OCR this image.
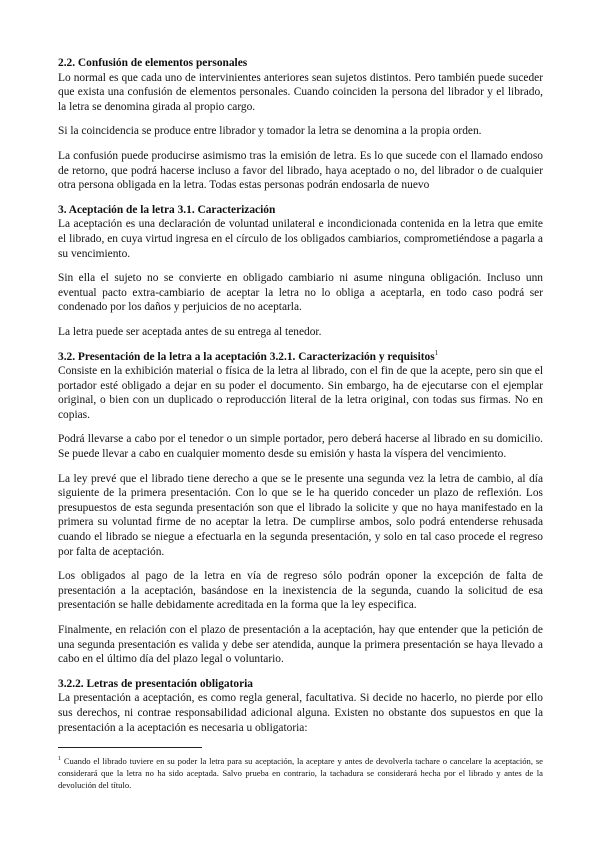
2.2. Confusión de elementos personales

Lo normal es que cada uno de intervinientes anteriores sean sujetos distintos. Pero también puede suceder que exista una confusión de elementos personales. Cuando coinciden la persona del librador y el librado, la letra se denomina girada al propio cargo.

Si la coincidencia se produce entre librador y tomador la letra se denomina a la propia orden.

La confusión puede producirse asimismo tras la emisión de letra. Es lo que sucede con el llamado endoso de retorno, que podrá hacerse incluso a favor del librado, haya aceptado o no, del librador o de cualquier otra persona obligada en la letra. Todas estas personas podrán endosarla de nuevo

3. Aceptación de la letra 3.1. Caracterización

La aceptación es una declaración de voluntad unilateral e incondicionada contenida en la letra que emite el librado, en cuya virtud ingresa en el círculo de los obligados cambiarios, comprometiéndose a pagarla a su vencimiento.

Sin ella el sujeto no se convierte en obligado cambiario ni asume ninguna obligación. Incluso unn eventual pacto extra-cambiario de aceptar la letra no lo obliga a aceptarla, en todo caso podrá ser condenado por los daños y perjuicios de no aceptarla.

La letra puede ser aceptada antes de su entrega al tenedor.

3.2. Presentación de la letra a la aceptación 3.2.1. Caracterización y requisitos$^1$

Consiste en la exhibición material o física de la letra al librado, con el fin de que la acepte, pero sin que el portador esté obligado a dejar en su poder el documento. Sin embargo, ha de ejecutarse con el ejemplar original, o bien con un duplicado o reproducción literal de la letra original, con todas sus firmas. No en copias.

Podrá llevarse a cabo por el tenedor o un simple portador, pero deberá hacerse al librado en su domicilio. Se puede llevar a cabo en cualquier momento desde su emisión y hasta la víspera del vencimiento.

La ley prevé que el librado tiene derecho a que se le presente una segunda vez la letra de cambio, al día siguiente de la primera presentación. Con lo que se le ha querido conceder un plazo de reflexión. Los presupuestos de esta segunda presentación son que el librado la solicite y que no haya manifestado en la primera su voluntad firme de no aceptar la letra. De cumplirse ambos, solo podrá entenderse rehusada cuando el librado se niegue a efectuarla en la segunda presentación, y solo en tal caso procede el regreso por falta de aceptación.

Los obligados al pago de la letra en vía de regreso sólo podrán oponer la excepción de falta de presentación a la aceptación, basándose en la inexistencia de la segunda, cuando la solicitud de esa presentación se halle debidamente acreditada en la forma que la ley especifica.

Finalmente, en relación con el plazo de presentación a la aceptación, hay que entender que la petición de una segunda presentación es valida y debe ser atendida, aunque la primera presentación se haya llevado a cabo en el último día del plazo legal o voluntario.

3.2.2. Letras de presentación obligatoria

La presentación a aceptación, es como regla general, facultativa. Si decide no hacerlo, no pierde por ello sus derechos, ni contrae responsabilidad adicional alguna. Existen no obstante dos supuestos en que la presentación a la aceptación es necesaria u obligatoria:

$^1$ Cuando el librado tuviere en su poder la letra para su aceptación, la aceptare y antes de devolverla tachare o cancelare la aceptación, se considerará que la letra no ha sido aceptada. Salvo prueba en contrario, la tachadura se considerará hecha por el librado y antes de la devolución del título.
